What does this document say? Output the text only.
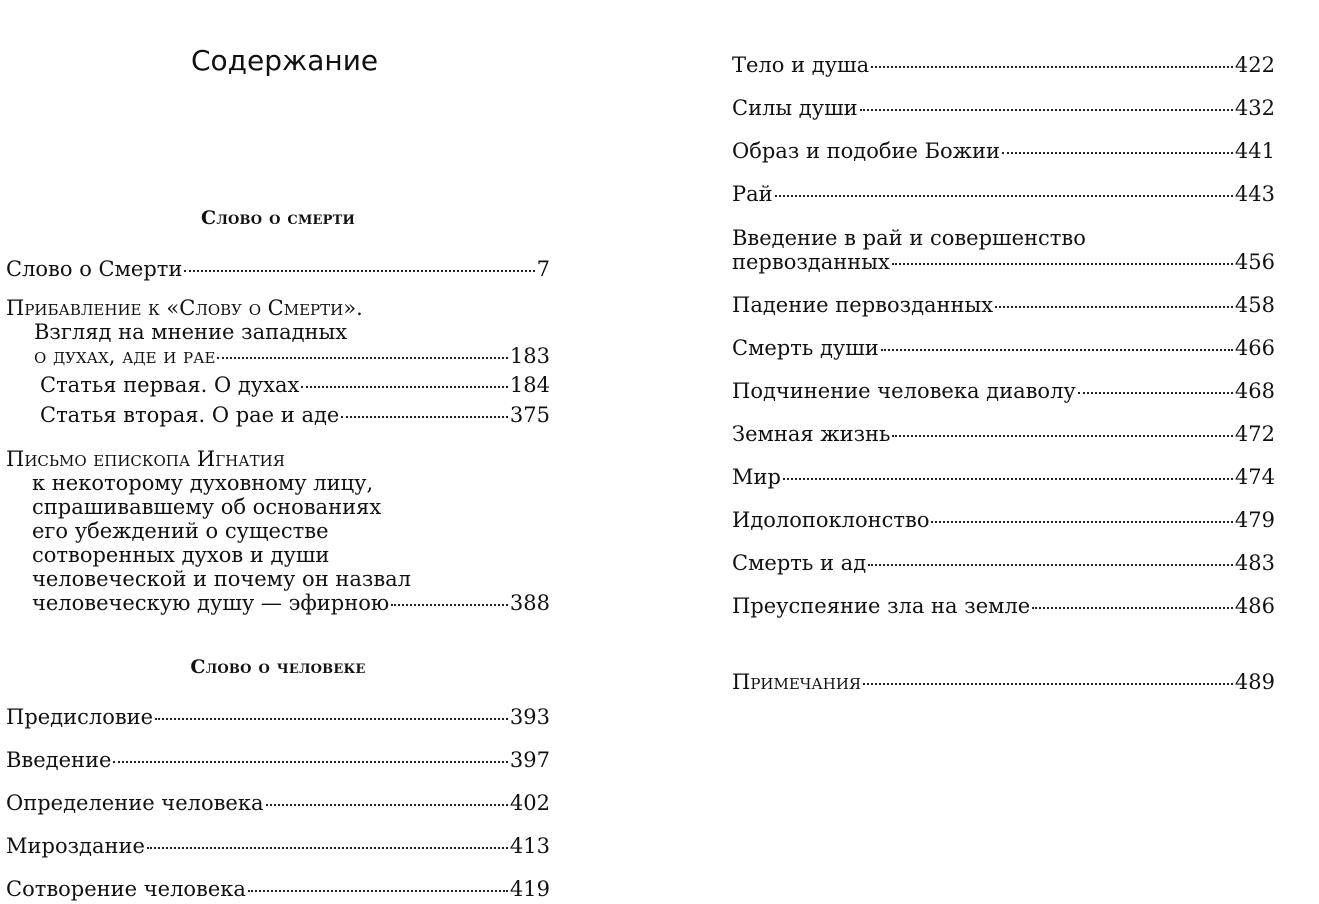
Содержание
Слово о смерти
Слово о Смерти	7
Прибавление к «Слову о Смерти».
Взгляд на мнение западных
о духах, аде и рае	183
Статья первая. О духах	184
Статья вторая. О рае и аде	375
Письмо епископа Игнатия
к некоторому духовному лицу,
спрашивавшему об основаниях
его убеждений о существе
сотворенных духов и души
человеческой и почему он назвал
человеческую душу — эфирною	388
Слово о человеке
Предисловие	393
Введение	397
Определение человека	402
Мироздание	413
Сотворение человека	419
Тело и душа	422
Силы души	432
Образ и подобие Божии	441
Рай	443
Введение в рай и совершенство
первозданных	456
Падение первозданных	458
Смерть души	466
Подчинение человека диаволу	468
Земная жизнь	472
Мир	474
Идолопоклонство	479
Смерть и ад	483
Преуспеяние зла на земле	486
Примечания	489
